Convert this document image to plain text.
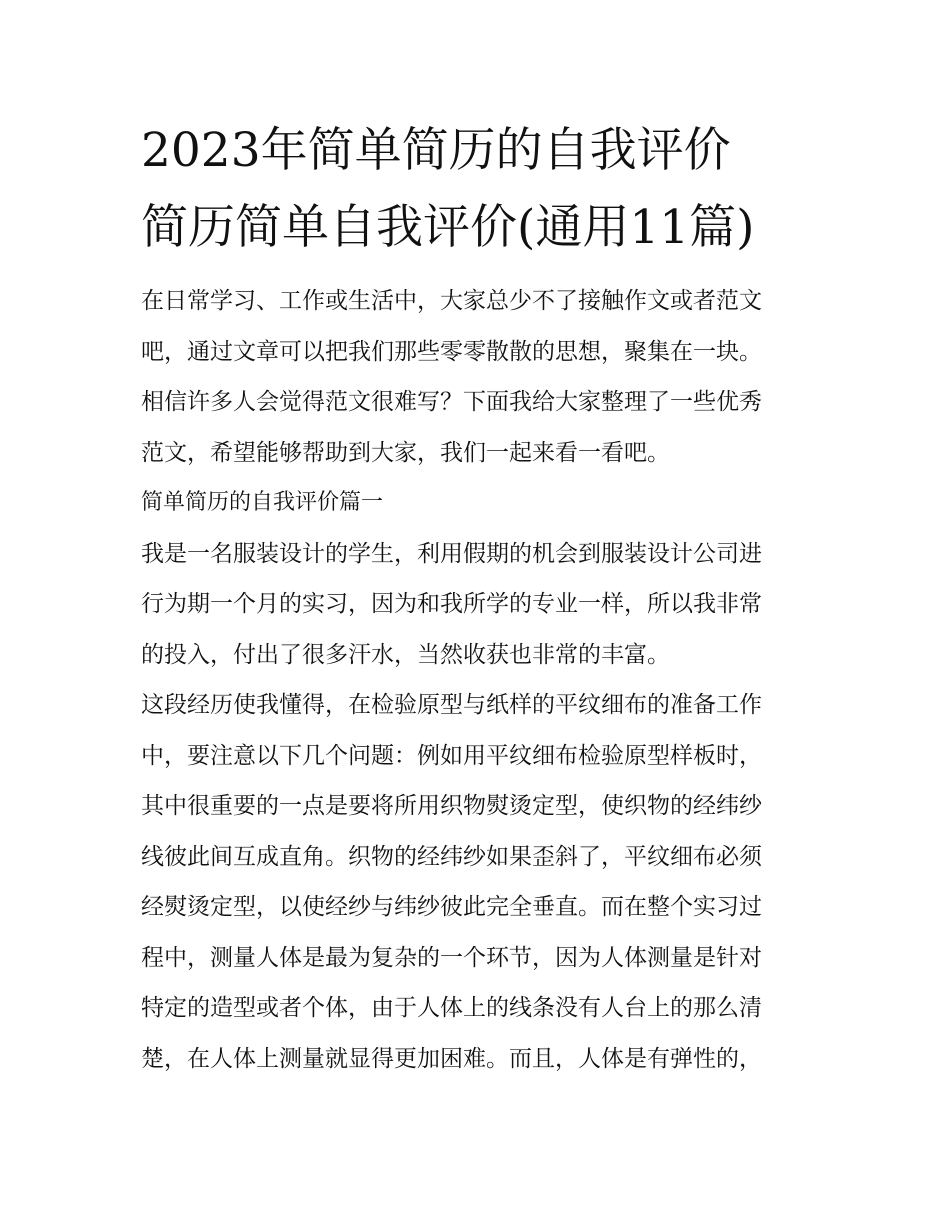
2023年简单简历的自我评价
简历简单自我评价(通用11篇)

在日常学习、工作或生活中，大家总少不了接触作文或者范文
吧，通过文章可以把我们那些零零散散的思想，聚集在一块。
相信许多人会觉得范文很难写？下面我给大家整理了一些优秀
范文，希望能够帮助到大家，我们一起来看一看吧。

简单简历的自我评价篇一

我是一名服装设计的学生，利用假期的机会到服装设计公司进
行为期一个月的实习，因为和我所学的专业一样，所以我非常
的投入，付出了很多汗水，当然收获也非常的丰富。

这段经历使我懂得，在检验原型与纸样的平纹细布的准备工作
中，要注意以下几个问题：例如用平纹细布检验原型样板时，
其中很重要的一点是要将所用织物熨烫定型，使织物的经纬纱
线彼此间互成直角。织物的经纬纱如果歪斜了，平纹细布必须
经熨烫定型，以使经纱与纬纱彼此完全垂直。而在整个实习过
程中，测量人体是最为复杂的一个环节，因为人体测量是针对
特定的造型或者个体，由于人体上的线条没有人台上的那么清
楚，在人体上测量就显得更加困难。而且，人体是有弹性的，
